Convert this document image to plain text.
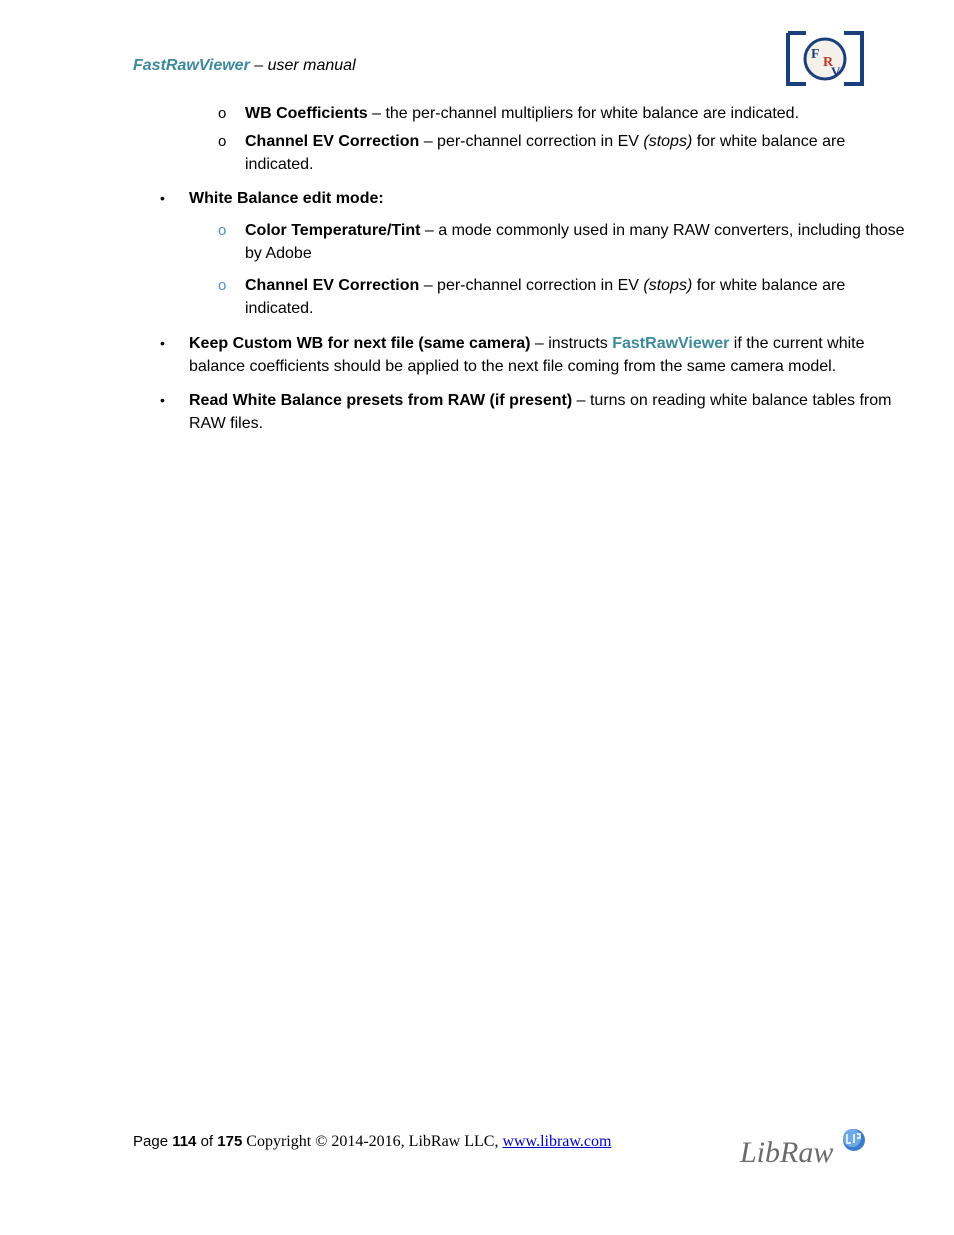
FastRawViewer – user manual
F
R
V
o WB Coefficients – the per-channel multipliers for white balance are indicated.
o Channel EV Correction – per-channel correction in EV (stops) for white balance are indicated.
• White Balance edit mode:
o Color Temperature/Tint – a mode commonly used in many RAW converters, including those by Adobe
o Channel EV Correction – per-channel correction in EV (stops) for white balance are indicated.
• Keep Custom WB for next file (same camera) – instructs FastRawViewer if the current white balance coefficients should be applied to the next file coming from the same camera model.
• Read White Balance presets from RAW (if present) – turns on reading white balance tables from RAW files.
Page 114 of 175 Copyright © 2014-2016, LibRaw LLC, www.libraw.com	LibRaw
